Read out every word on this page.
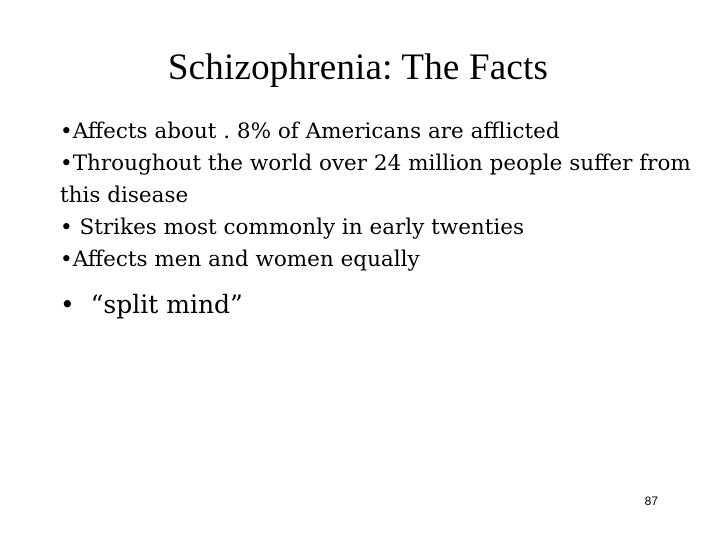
Schizophrenia: The Facts
•Affects about . 8% of Americans are afflicted
•Throughout the world over 24 million people suffer from this disease
• Strikes most commonly in early twenties
•Affects men and women equally
• “split mind”
87
